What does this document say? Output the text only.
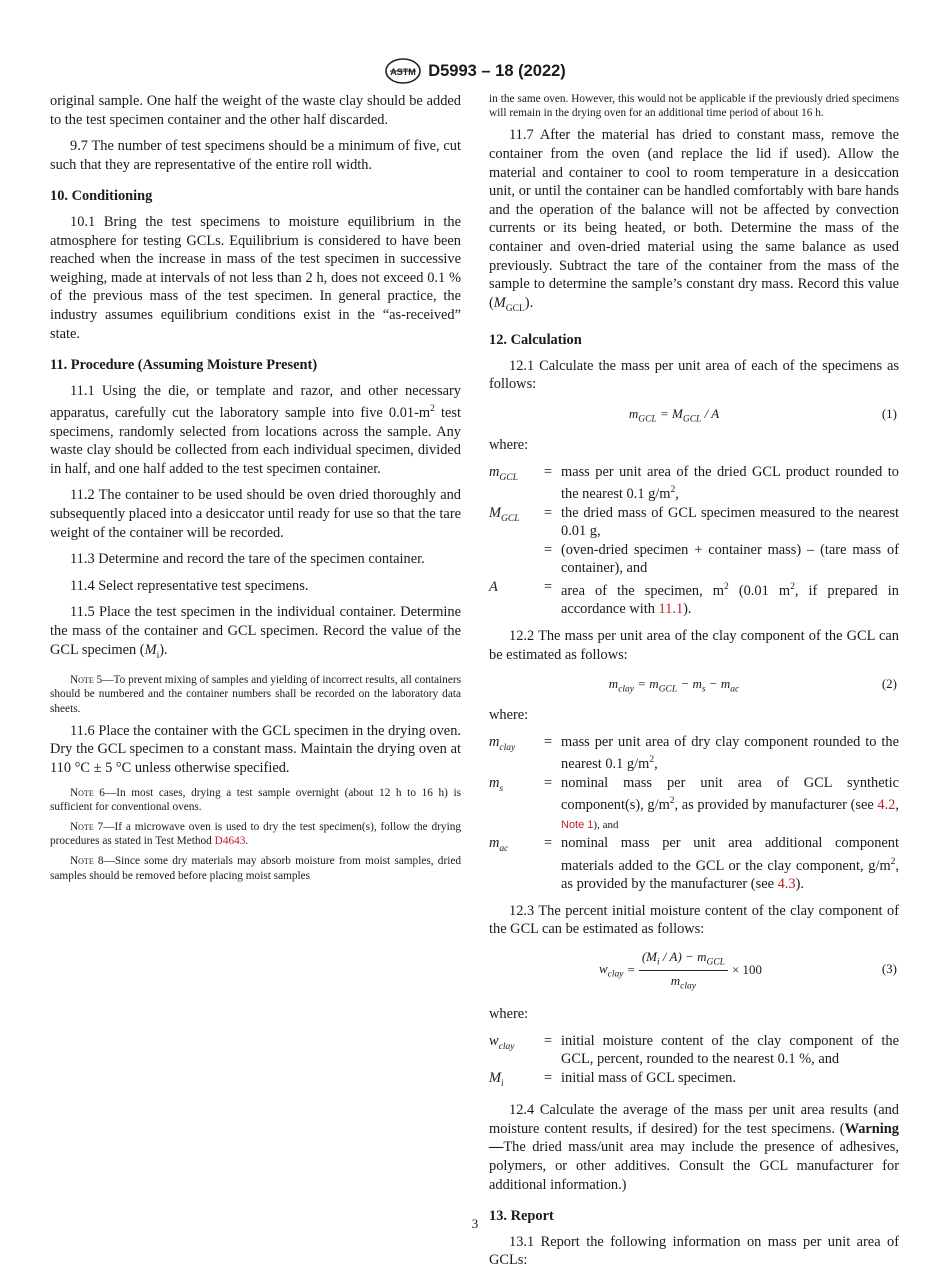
ASTM D5993 – 18 (2022)

original sample. One half the weight of the waste clay should be added to the test specimen container and the other half discarded.

9.7 The number of test specimens should be a minimum of five, cut such that they are representative of the entire roll width.

10. Conditioning

10.1 Bring the test specimens to moisture equilibrium in the atmosphere for testing GCLs. Equilibrium is considered to have been reached when the increase in mass of the test specimen in successive weighing, made at intervals of not less than 2 h, does not exceed 0.1 % of the previous mass of the test specimen. In general practice, the industry assumes equilibrium conditions exist in the “as-received” state.

11. Procedure (Assuming Moisture Present)

11.1 Using the die, or template and razor, and other necessary apparatus, carefully cut the laboratory sample into five $0.01-m^2$ test specimens, randomly selected from locations across the sample. Any waste clay should be collected from each individual specimen, divided in half, and one half added to the test specimen container.

11.2 The container to be used should be oven dried thoroughly and subsequently placed into a desiccator until ready for use so that the tare weight of the container will be recorded.

11.3 Determine and record the tare of the specimen container.

11.4 Select representative test specimens.

11.5 Place the test specimen in the individual container. Determine the mass of the container and GCL specimen. Record the value of the GCL specimen $(M_i)$.

Note 5—To prevent mixing of samples and yielding of incorrect results, all containers should be numbered and the container numbers shall be recorded on the laboratory data sheets.

11.6 Place the container with the GCL specimen in the drying oven. Dry the GCL specimen to a constant mass. Maintain the drying oven at 110 °C ± 5 °C unless otherwise specified.

Note 6—In most cases, drying a test sample overnight (about 12 h to 16 h) is sufficient for conventional ovens.

Note 7—If a microwave oven is used to dry the test specimen(s), follow the drying procedures as stated in Test Method D4643.

Note 8—Since some dry materials may absorb moisture from moist samples, dried samples should be removed before placing moist samples

in the same oven. However, this would not be applicable if the previously dried specimens will remain in the drying oven for an additional time period of about 16 h.

11.7 After the material has dried to constant mass, remove the container from the oven (and replace the lid if used). Allow the material and container to cool to room temperature in a desiccation unit, or until the container can be handled comfortably with bare hands and the operation of the balance will not be affected by convection currents or its being heated, or both. Determine the mass of the container and oven-dried material using the same balance as used previously. Subtract the tare of the container from the mass of the sample to determine the sample’s constant dry mass. Record this value $(M_{GCL})$.

12. Calculation

12.1 Calculate the mass per unit area of each of the specimens as follows:

$m_{GCL} = M_{GCL} / A$	(1)

where:

$m_{GCL}$	= mass per unit area of the dried GCL product rounded to the nearest 0.1 $g/m^2$,
$M_{GCL}$	= the dried mass of GCL specimen measured to the nearest 0.01 g,
= (oven-dried specimen + container mass) – (tare mass of container), and
A	= area of the specimen, $m^2$ (0.01 $m^2$, if prepared in accordance with 11.1).

12.2 The mass per unit area of the clay component of the GCL can be estimated as follows:

$m_{clay} = m_{GCL} - m_s - m_{ac}$	(2)

where:

$m_{clay}$	= mass per unit area of dry clay component rounded to the nearest 0.1 $g/m^2$,
$m_s$	= nominal mass per unit area of GCL synthetic component(s), $g/m^2$, as provided by manufacturer (see 4.2, Note 1), and
$m_{ac}$	= nominal mass per unit area additional component materials added to the GCL or the clay component, $g/m^2$, as provided by the manufacturer (see 4.3).

12.3 The percent initial moisture content of the clay component of the GCL can be estimated as follows:

$w_{clay} = \frac{(M_i / A) - m_{GCL}}{m_{clay}} \times 100$	(3)

where:

$w_{clay}$	= initial moisture content of the clay component of the GCL, percent, rounded to the nearest 0.1 %, and
$M_i$	= initial mass of GCL specimen.

12.4 Calculate the average of the mass per unit area results (and moisture content results, if desired) for the test specimens. (Warning—The dried mass/unit area may include the presence of adhesives, polymers, or other additives. Consult the GCL manufacturer for additional information.)

13. Report

13.1 Report the following information on mass per unit area of GCLs:

3
